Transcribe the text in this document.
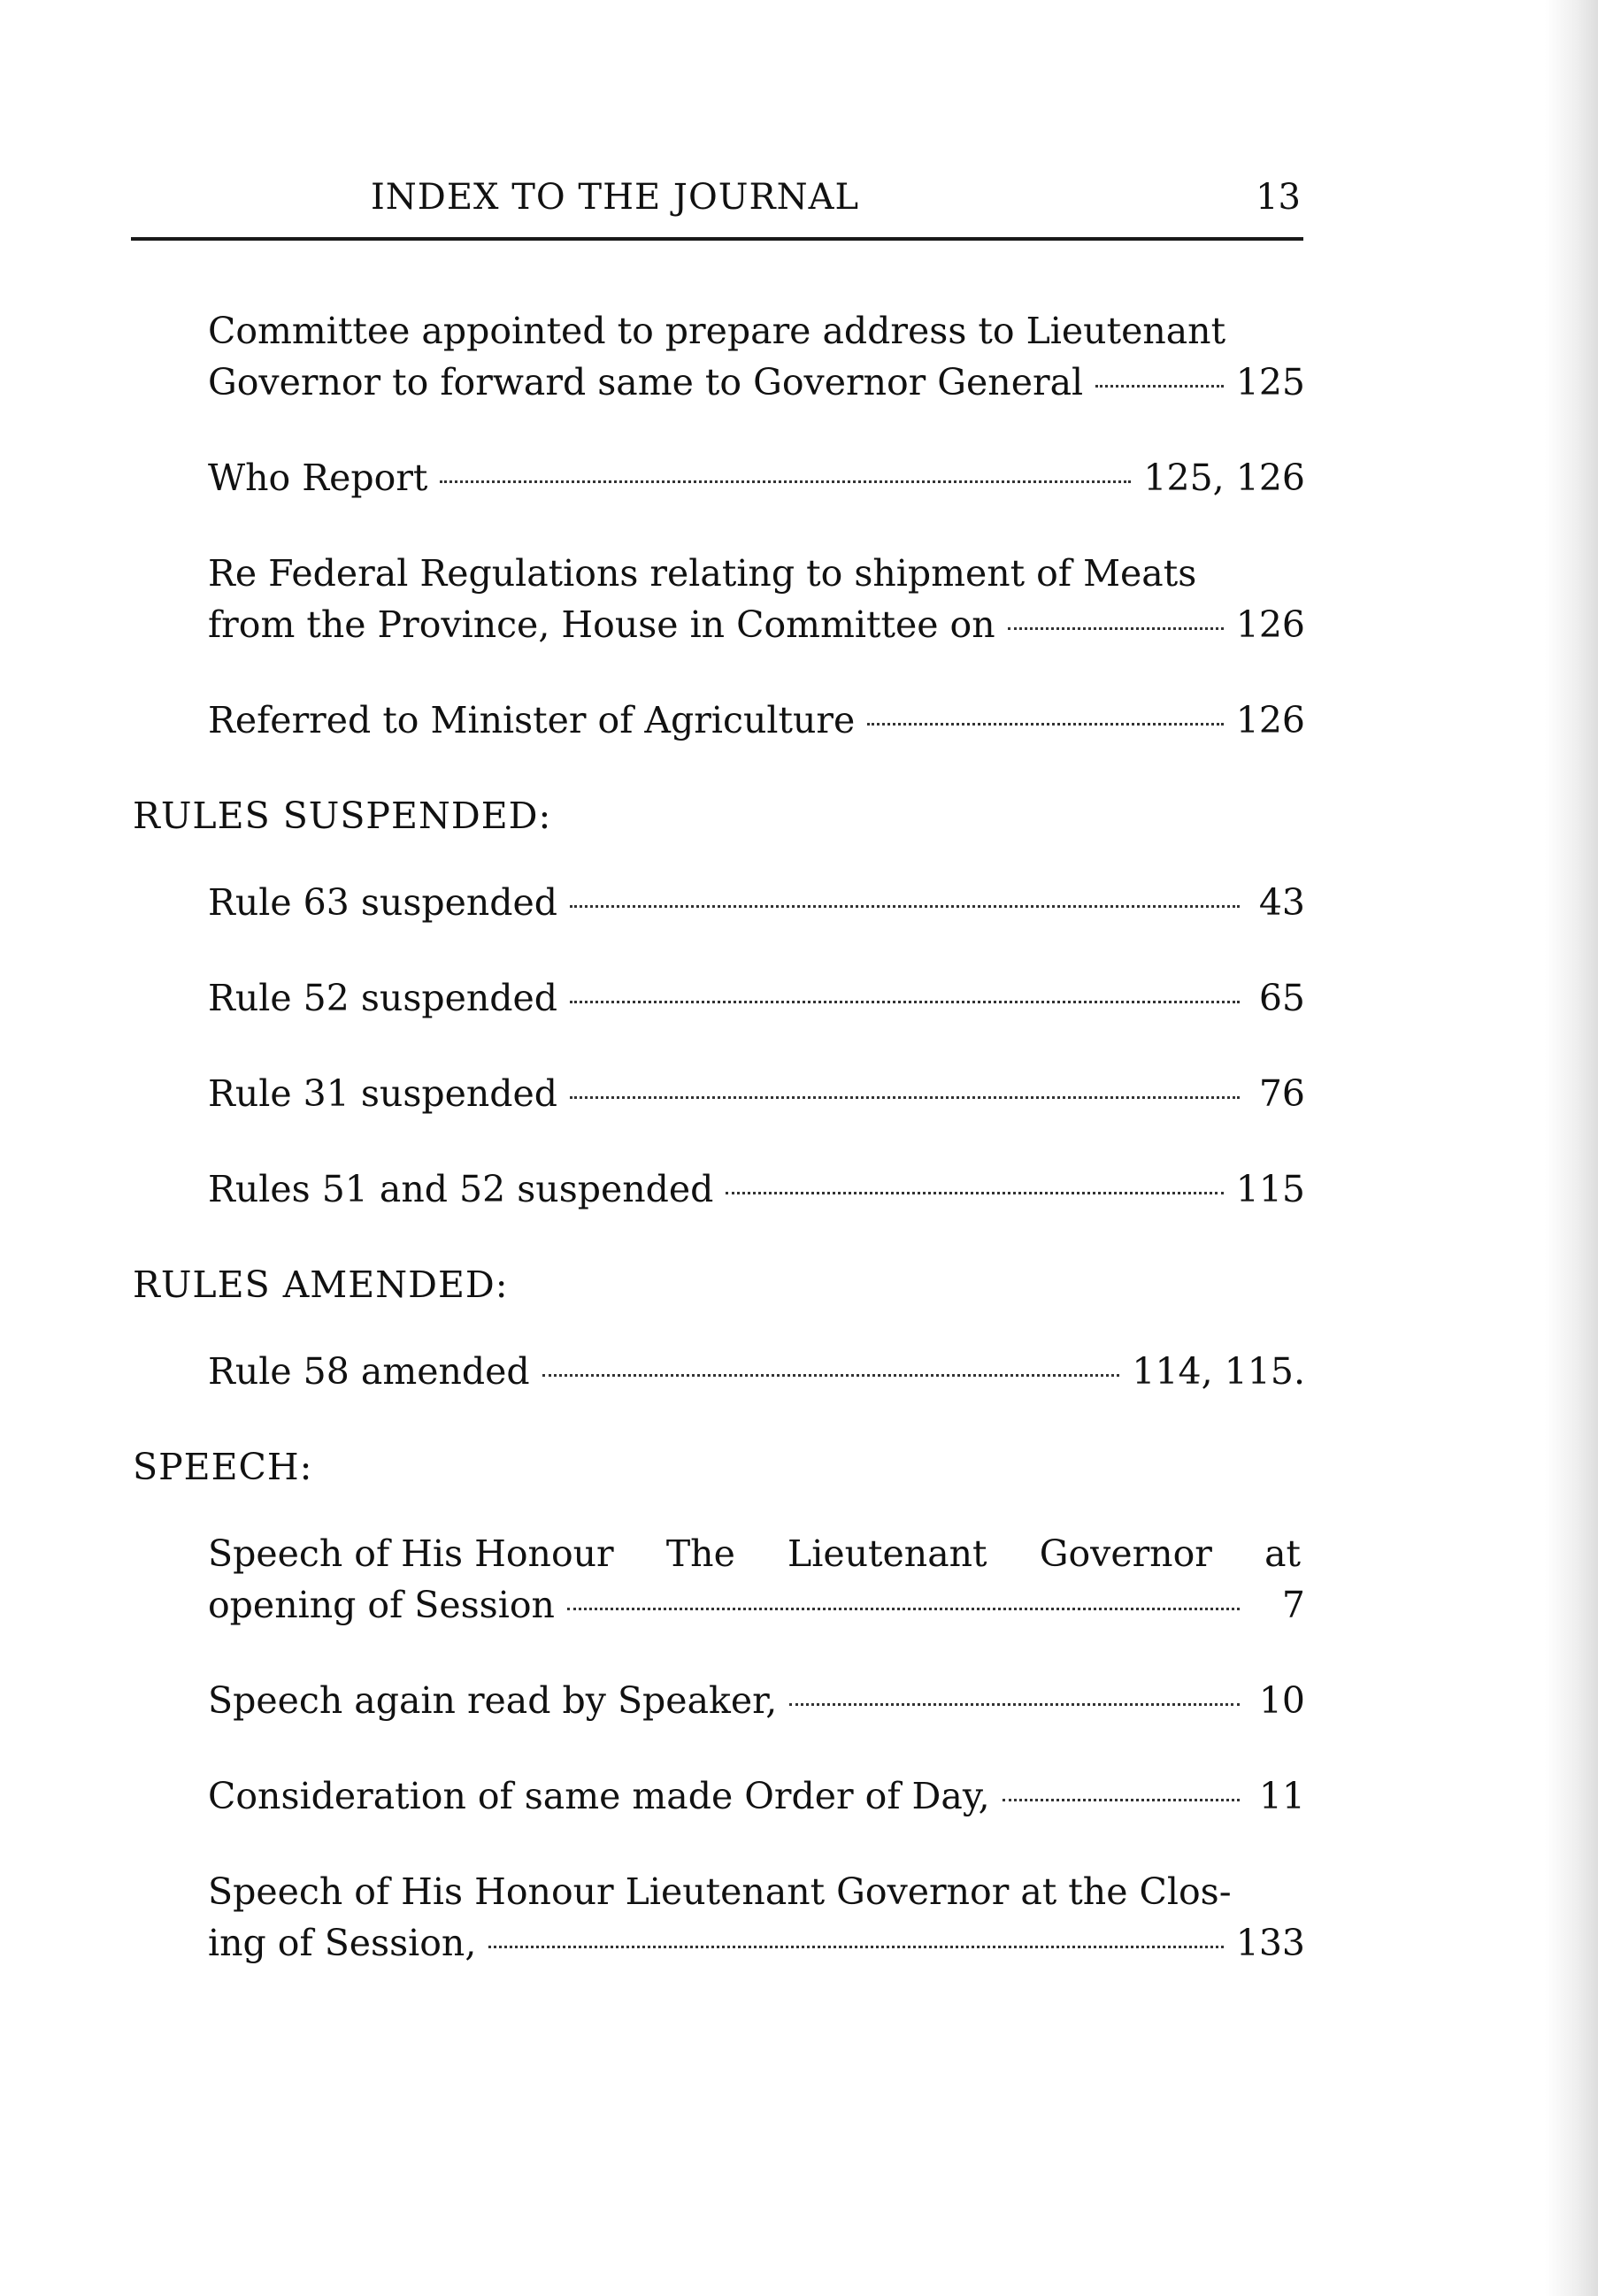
INDEX TO THE JOURNAL	13
Committee appointed to prepare address to Lieutenant
Governor to forward same to Governor General	125
Who Report	125, 126
Re Federal Regulations relating to shipment of Meats
from the Province, House in Committee on	126
Referred to Minister of Agriculture	126
RULES SUSPENDED:
Rule 63 suspended	43
Rule 52 suspended	65
Rule 31 suspended	76
Rules 51 and 52 suspended	115
RULES AMENDED:
Rule 58 amended	114, 115.
SPEECH:
Speech of His Honour The Lieutenant Governor at
opening of Session	7
Speech again read by Speaker,	10
Consideration of same made Order of Day,	11
Speech of His Honour Lieutenant Governor at the Clos-
ing of Session,	133
